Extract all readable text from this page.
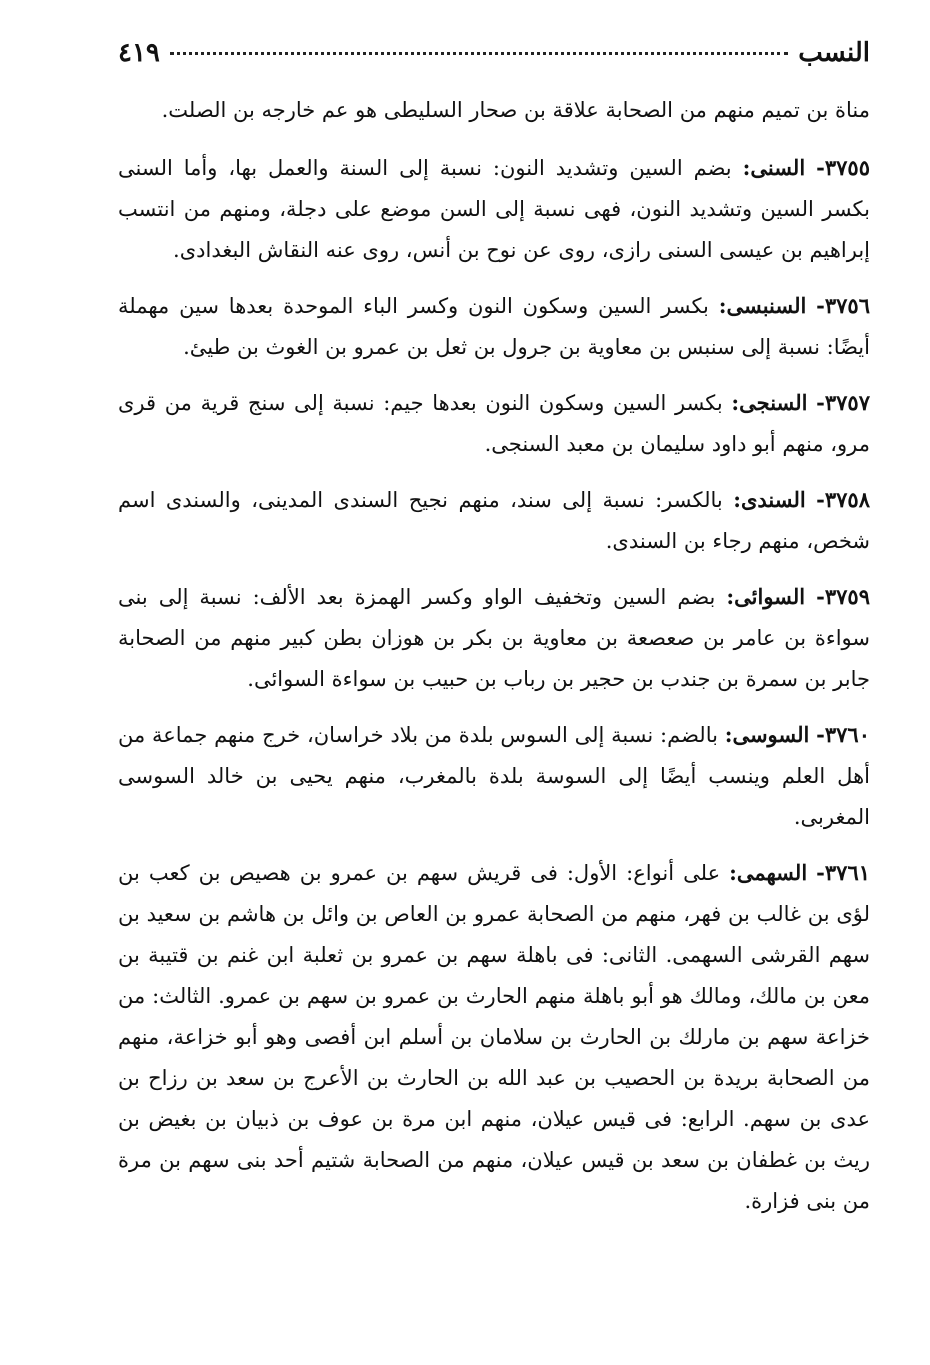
النسب
٤١٩

مناة بن تميم منهم من الصحابة علاقة بن صحار السليطى هو عم خارجه بن الصلت.

٣٧٥٥- السنى: بضم السين وتشديد النون: نسبة إلى السنة والعمل بها، وأما السنى بكسر السين وتشديد النون، فهى نسبة إلى السن موضع على دجلة، ومنهم من انتسب إبراهيم بن عيسى السنى رازى، روى عن نوح بن أنس، روى عنه النقاش البغدادى.

٣٧٥٦- السنبسى: بكسر السين وسكون النون وكسر الباء الموحدة بعدها سين مهملة أيضًا: نسبة إلى سنبس بن معاوية بن جرول بن ثعل بن عمرو بن الغوث بن طيئ.

٣٧٥٧- السنجى: بكسر السين وسكون النون بعدها جيم: نسبة إلى سنج قرية من قرى مرو، منهم أبو داود سليمان بن معبد السنجى.

٣٧٥٨- السندى: بالكسر: نسبة إلى سند، منهم نجيح السندى المدينى، والسندى اسم شخص، منهم رجاء بن السندى.

٣٧٥٩- السوائى: بضم السين وتخفيف الواو وكسر الهمزة بعد الألف: نسبة إلى بنى سواءة بن عامر بن صعصعة بن معاوية بن بكر بن هوزان بطن كبير منهم من الصحابة جابر بن سمرة بن جندب بن حجير بن رباب بن حبيب بن سواءة السوائى.

٣٧٦٠- السوسى: بالضم: نسبة إلى السوس بلدة من بلاد خراسان، خرج منهم جماعة من أهل العلم وينسب أيضًا إلى السوسة بلدة بالمغرب، منهم يحيى بن خالد السوسى المغربى.

٣٧٦١- السهمى: على أنواع: الأول: فى قريش سهم بن عمرو بن هصيص بن كعب بن لؤى بن غالب بن فهر، منهم من الصحابة عمرو بن العاص بن وائل بن هاشم بن سعيد بن سهم القرشى السهمى. الثانى: فى باهلة سهم بن عمرو بن ثعلبة ابن غنم بن قتيبة بن معن بن مالك، ومالك هو أبو باهلة منهم الحارث بن عمرو بن سهم بن عمرو. الثالث: من خزاعة سهم بن مارلك بن الحارث بن سلامان بن أسلم ابن أفصى وهو أبو خزاعة، منهم من الصحابة بريدة بن الحصيب بن عبد الله بن الحارث بن الأعرج بن سعد بن رزاح بن عدى بن سهم. الرابع: فى قيس عيلان، منهم ابن مرة بن عوف بن ذبيان بن بغيض بن ريث بن غطفان بن سعد بن قيس عيلان، منهم من الصحابة شتيم أحد بنى سهم بن مرة من بنى فزارة.
